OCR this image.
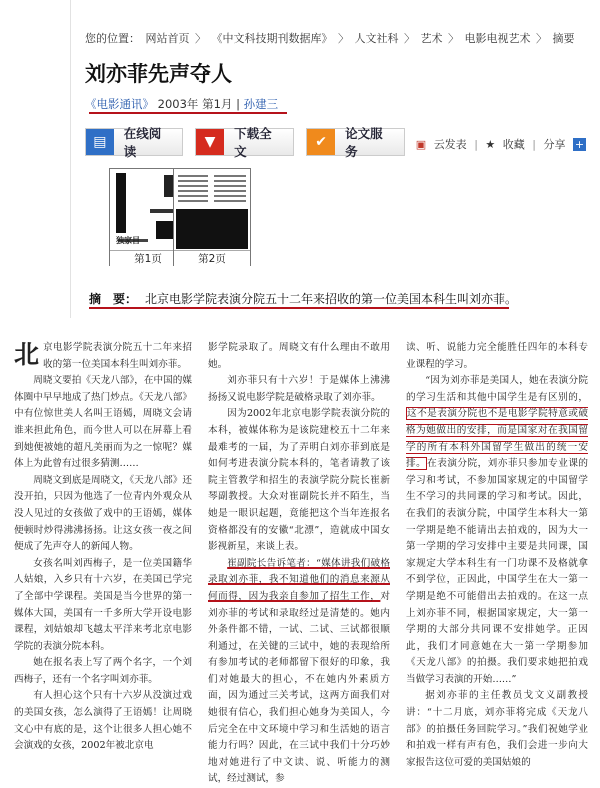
您的位置： 网站首页 〉 《中文科技期刊数据库》 〉 人文社科 〉 艺术 〉 电影电视艺术 〉 摘要
刘亦菲先声夺人
《电影通讯》 2003年 第1月 | 孙建三
▤
在线阅读
▼
下载全文
✔
论文服务	▣ 云发表 | ★ 收藏 | 分享 +
独家目
第1页	第2页
摘　要： 北京电影学院表演分院五十二年来招收的第一位美国本科生叫刘亦菲。

北京电影学院表演分院五十二年来招收的第一位美国本科生叫刘亦菲。

周晓文要拍《天龙八部》，在中国的媒体圈中早早地成了热门炒点。《天龙八部》中有位惊世美人名叫王语嫣，周晓文会请谁来担此角色，而今世人可以在屏幕上看到她便被她的超凡美丽而为之一惊呢？媒体上为此曾有过很多猜测……

周晓文到底是周晓文，《天龙八部》还没开拍，只因为他选了一位青内外观众从没人见过的女孩做了戏中的王语嫣，媒体便顿时炒得沸沸扬扬。让这女孩一夜之间便成了先声夺人的新闻人物。

女孩名叫刘西梅子，是一位美国籍华人姑娘，入乡只有十六岁，在美国已学完了全部中学课程。美国是当今世界的第一媒体大国，美国有一千多所大学开设电影课程，刘姑娘却飞越太平洋来考北京电影学院的表演分院本科。

她在报名表上写了两个名字，一个刘西梅子，还有一个名字叫刘亦菲。

有人担心这个只有十六岁从没演过戏的美国女孩，怎么演得了王语嫣！让周晓文心中有底的是，这个让很多人担心她不会演戏的女孩，2002年被北京电

影学院录取了。周晓文有什么理由不敢用她。

刘亦菲只有十六岁！于是媒体上沸沸扬扬又说电影学院是破格录取了刘亦菲。

因为2002年北京电影学院表演分院的本科，被媒体称为是该院建校五十二年来最难考的一届，为了弄明白刘亦菲到底是如何考进表演分院本科的，笔者请教了该院主管教学和招生的表演学院分院长崔新琴副教授。大众对崔副院长并不陌生，当她是一眼识起题，竟能把这个当年连报名资格都没有的安徽“北漂”，造就成中国女影视新星，来谈上表。

崔副院长告诉笔者：“媒体讲我们破格录取刘亦菲，我不知道他们的消息来源从何而得，因为我亲自参加了招生工作，对刘亦菲的考试和录取经过是清楚的。她内外条件都不错，一试、二试、三试都很顺利通过，在关键的三试中，她的表现给所有参加考试的老师都留下很好的印象，我们对她最大的担心，不在她内外素质方面，因为通过三关考试，这两方面我们对她很有信心，我们担心她身为美国人，今后完全在中文环境中学习和生活她的语言能力行吗？因此，在三试中我们十分巧妙地对她进行了中文读、说、听能力的测试，经过测试，参

读、听、说能力完全能胜任四年的本科专业课程的学习。

“因为刘亦菲是美国人，她在表演分院的学习生活和其他中国学生是有区别的，这不是表演分院也不是电影学院特意或破格为她做出的安排，而是国家对在我国留学的所有本科外国留学生做出的统一安排。在表演分院，刘亦菲只参加专业课的学习和考试，不参加国家规定的中国留学生不学习的共同课的学习和考试。因此，在我们的表演分院，中国学生本科大一第一学期是绝不能请出去拍戏的，因为大一第一学期的学习安排中主要是共同课，国家规定大学本科生有一门功课不及格就拿不到学位，正因此，中国学生在大一第一学期是绝不可能借出去拍戏的。在这一点上刘亦菲不同，根据国家规定，大一第一学期的大部分共同课不安排她学。正因此，我们才同意她在大一第一学期参加《天龙八部》的拍摄。我们要求她把拍戏当做学习表演的开始……”

据刘亦菲的主任教员戈文义副教授讲：“十二月底，刘亦菲将完成《天龙八部》的拍摄任务回院学习。”我们祝她学业和拍戏一样有声有色，我们会进一步向大家报告这位可爱的美国姑娘的
